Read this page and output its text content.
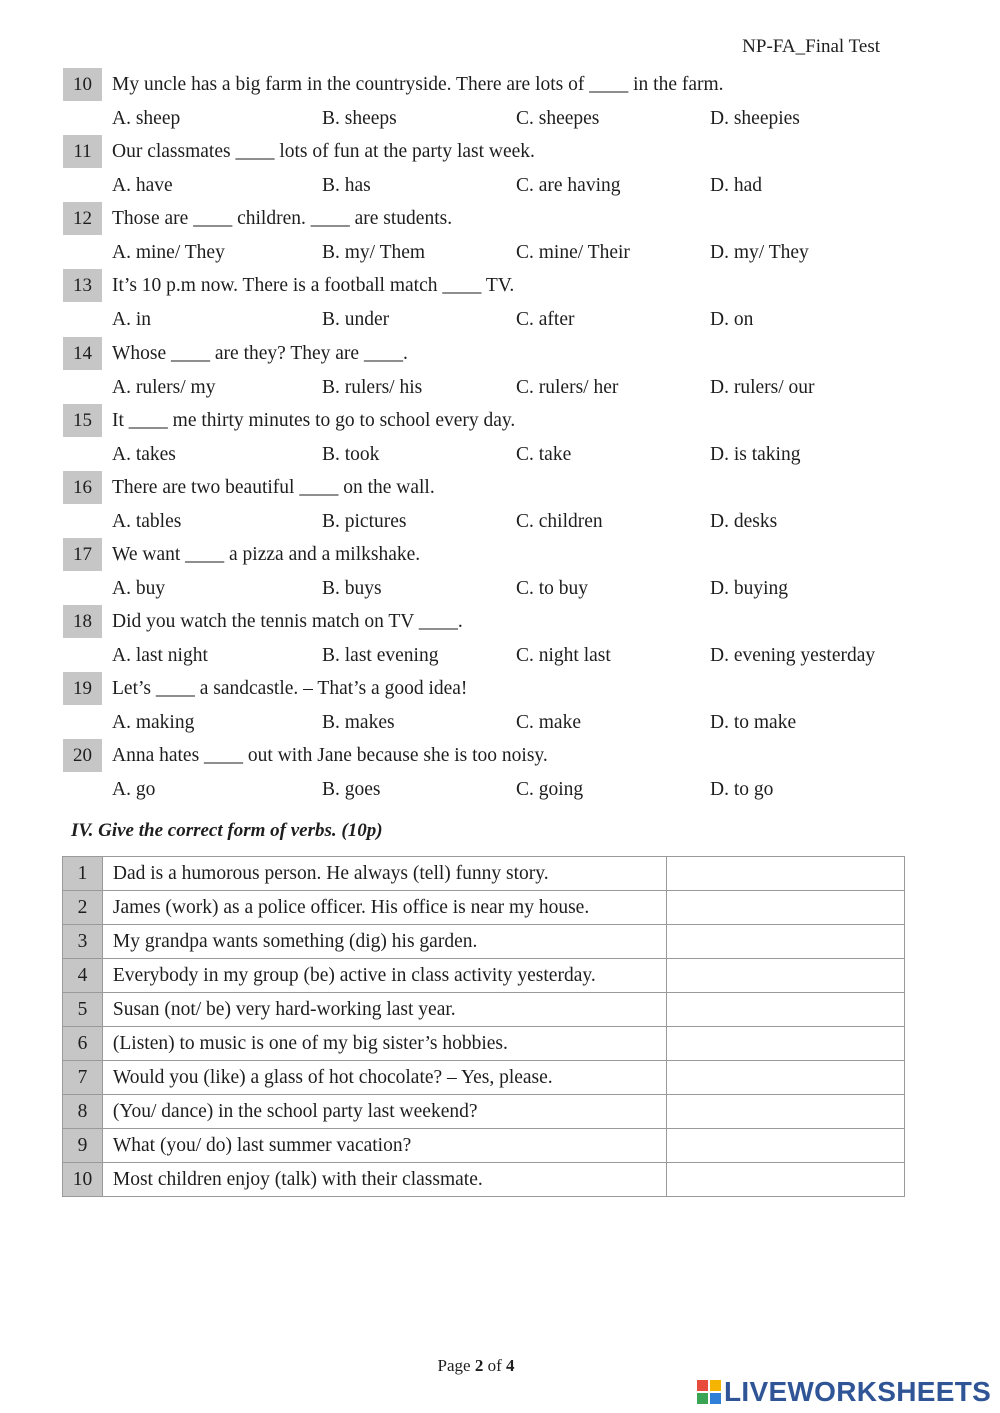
NP-FA_Final Test
10	My uncle has a big farm in the countryside. There are lots of ____ in the farm.
A. sheep	B. sheeps	C. sheepes	D. sheepies
11	Our classmates ____ lots of fun at the party last week.
A. have	B. has	C. are having	D. had
12	Those are ____ children. ____ are students.
A. mine/ They	B. my/ Them	C. mine/ Their	D. my/ They
13	It’s 10 p.m now. There is a football match ____ TV.
A. in	B. under	C. after	D. on
14	Whose ____ are they? They are ____.
A. rulers/ my	B. rulers/ his	C. rulers/ her	D. rulers/ our
15	It ____ me thirty minutes to go to school every day.
A. takes	B. took	C. take	D. is taking
16	There are two beautiful ____ on the wall.
A. tables	B. pictures	C. children	D. desks
17	We want ____ a pizza and a milkshake.
A. buy	B. buys	C. to buy	D. buying
18	Did you watch the tennis match on TV ____.
A. last night	B. last evening	C. night last	D. evening yesterday
19	Let’s ____ a sandcastle. – That’s a good idea!
A. making	B. makes	C. make	D. to make
20	Anna hates ____ out with Jane because she is too noisy.
A. go	B. goes	C. going	D. to go
IV. Give the correct form of verbs. (10p)
1	Dad is a humorous person. He always (tell) funny story.	
2	James (work) as a police officer. His office is near my house.	
3	My grandpa wants something (dig) his garden.	
4	Everybody in my group (be) active in class activity yesterday.	
5	Susan (not/ be) very hard-working last year.	
6	(Listen) to music is one of my big sister’s hobbies.	
7	Would you (like) a glass of hot chocolate? – Yes, please.	
8	(You/ dance) in the school party last weekend?	
9	What (you/ do) last summer vacation?	
10	Most children enjoy (talk) with their classmate.	
Page 2 of 4
LIVEWORKSHEETS
